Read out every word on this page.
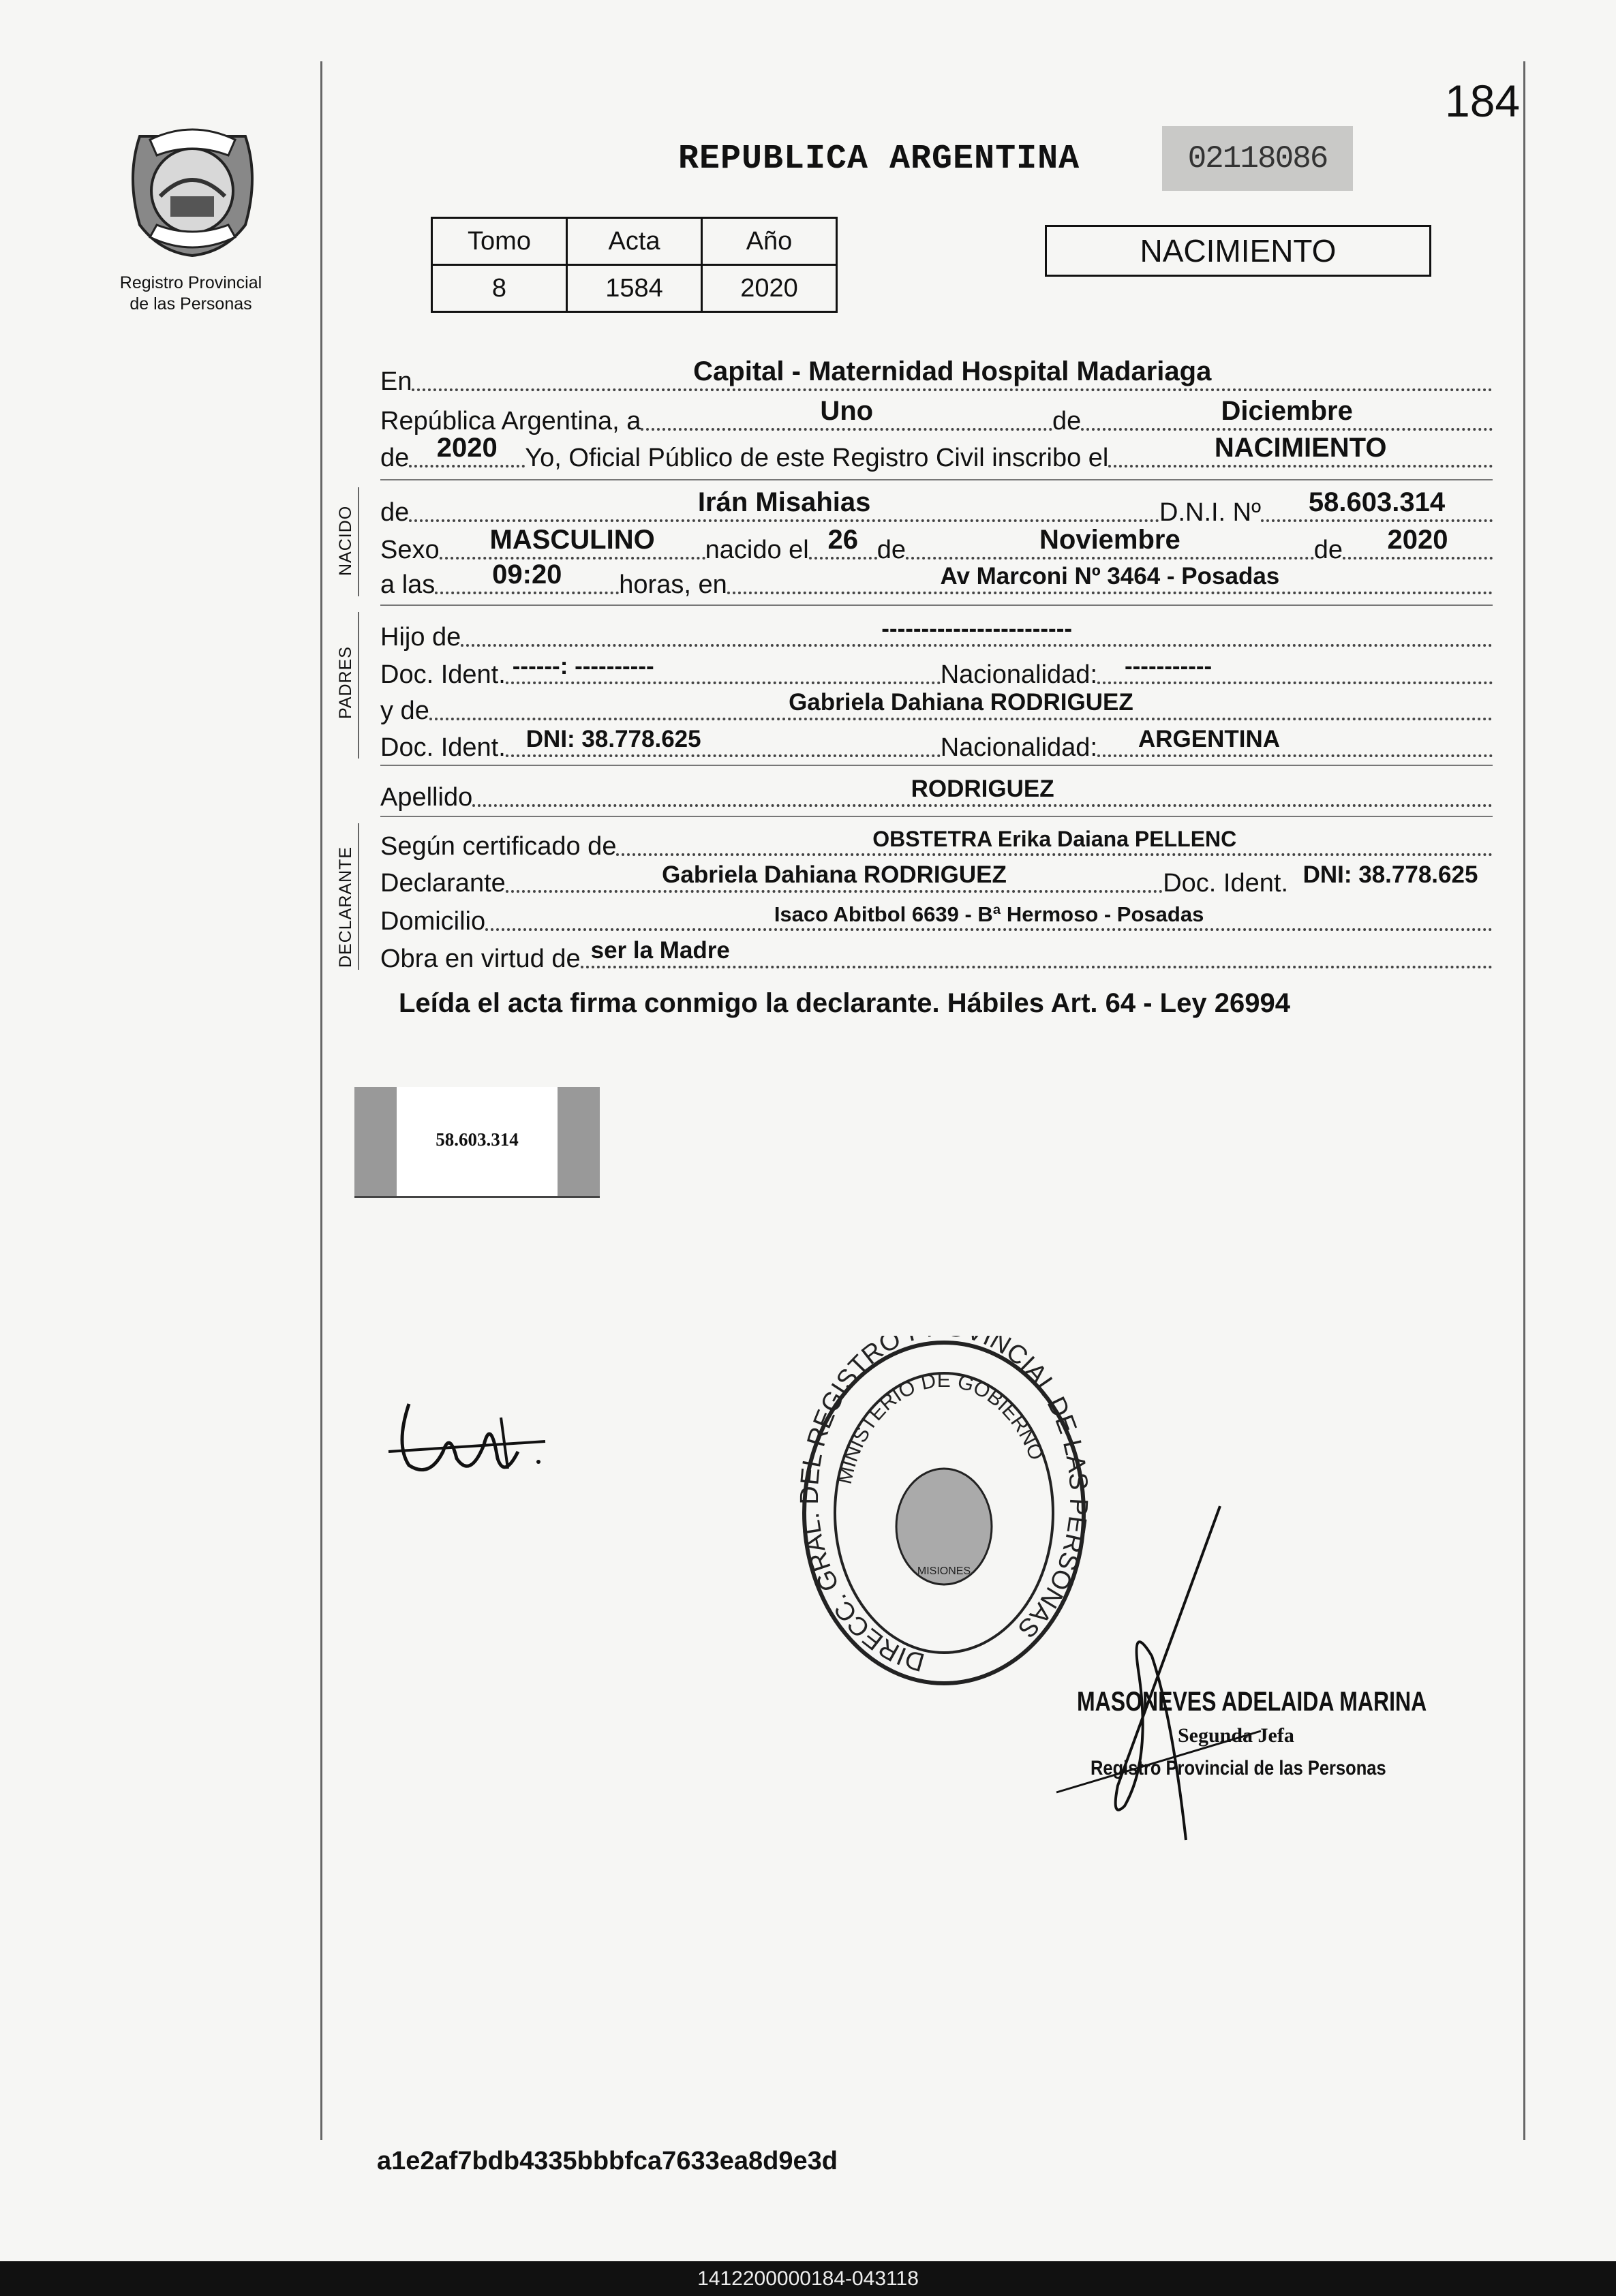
184
Registro Provincial
de las Personas
REPUBLICA ARGENTINA	02118086
Tomo	Acta	Año
8	1584	2020
NACIMIENTO
En	Capital - Maternidad Hospital Madariaga
República Argentina, a	Uno	de	Diciembre
de	2020	Yo, Oficial Público de este Registro Civil inscribo el	NACIMIENTO
NACIDO de	Irán Misahias	D.N.I. Nº	58.603.314
Sexo	MASCULINO	nacido el 26 de	Noviembre	de	2020
a las	09:20	horas, en	Av Marconi Nº 3464 - Posadas
PADRES
Hijo de	------------------------
Doc. Ident. ------: ----------	Nacionalidad:	-----------
y de	Gabriela Dahiana RODRIGUEZ
Doc. Ident. DNI: 38.778.625	Nacionalidad:	ARGENTINA
Apellido	RODRIGUEZ
DECLARANTE Según certificado de	OBSTETRA Erika Daiana PELLENC
Declarante	Gabriela Dahiana RODRIGUEZ	Doc. Ident. DNI: 38.778.625
Domicilio	Isaco Abitbol 6639 - Bª Hermoso - Posadas
Obra en virtud de ser la Madre
Leída el acta firma conmigo la declarante. Hábiles Art. 64 - Ley 26994
58.603.314
DIRECC. GRAL. DEL REGISTRO INCIAL DE LAS PERSONAS
MINISTERIO DE GOBIERNO
MISIONES
MASONEVES ADELAIDA MARINA
Segunda Jefa
Registro Provincial de las Personas
a1e2af7bdb4335bbbfca7633ea8d9e3d
1412200000184-043118
